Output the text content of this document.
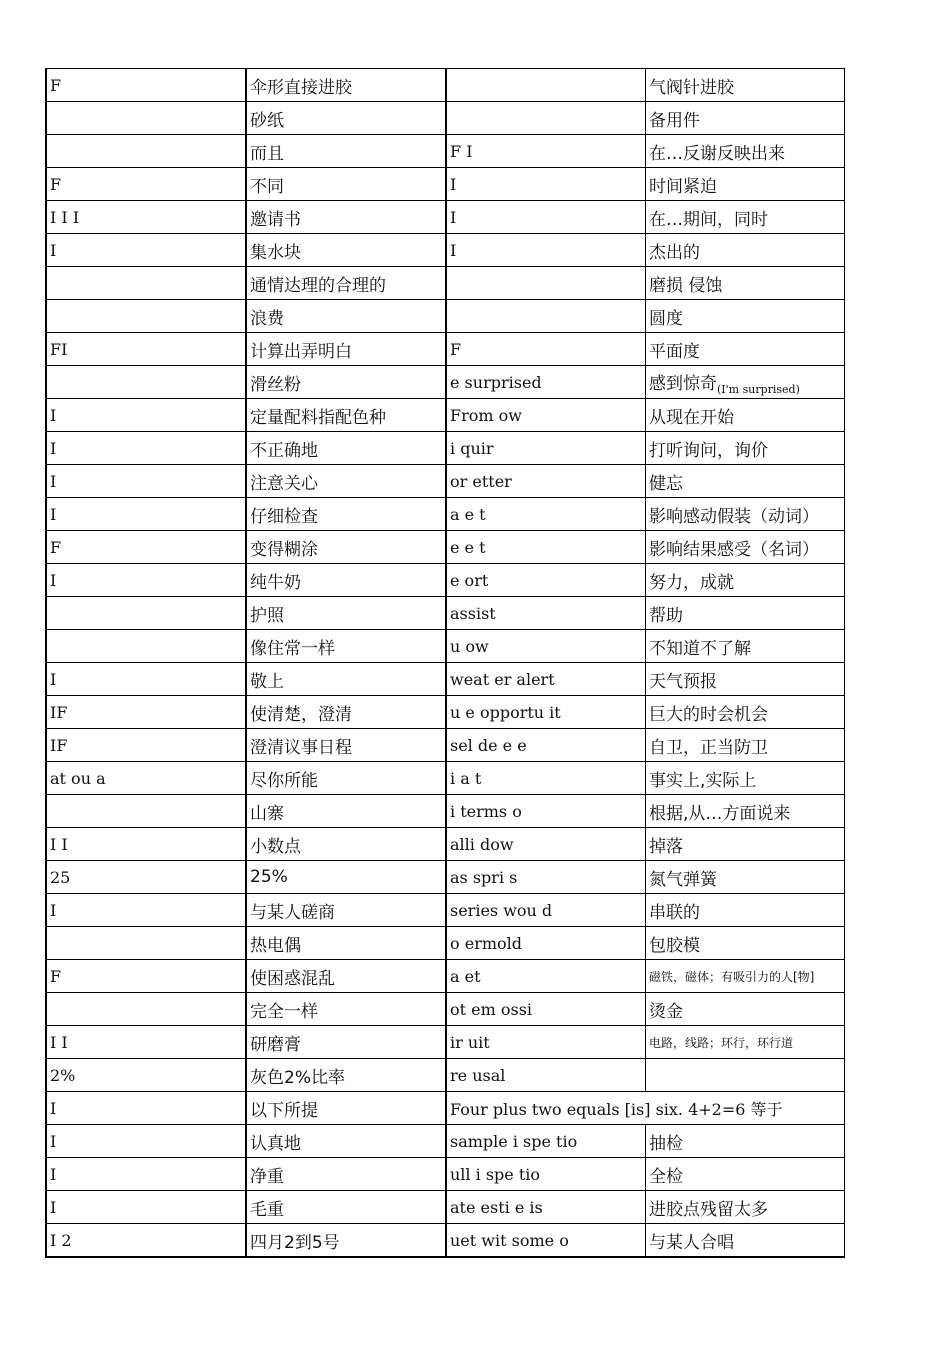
F	伞形直接进胶		气阀针进胶
	砂纸		备用件
	而且	F I	在…反谢反映出来
F	不同	I	时间紧迫
I I I	邀请书	I	在…期间，同时
I	集水块	I	杰出的
	通情达理的合理的		磨损 侵蚀
	浪费		圆度
FI	计算出弄明白	F	平面度
	滑丝粉	e surprised	感到惊奇$_{(I'm surprised)}$
I	定量配料指配色种	From ow	从现在开始
I	不正确地	i quir	打听询问，询价
I	注意关心	or etter	健忘
I	仔细检查	a e t	影响感动假装（动词）
F	变得糊涂	e e t	影响结果感受（名词）
I	纯牛奶	e ort	努力，成就
	护照	assist	帮助
	像住常一样	u ow	不知道不了解
I	敬上	weat er alert	天气预报
IF	使清楚，澄清	u e opportu it	巨大的时会机会
IF	澄清议事日程	sel de e e	自卫，正当防卫
at ou a	尽你所能	i a t	事实上,实际上
	山寨	i terms o	根据,从…方面说来
I I	小数点	alli dow	掉落
25	25%	as spri s	氮气弹簧
I	与某人磋商	series wou d	串联的
	热电偶	o ermold	包胶模
F	使困惑混乱	a et	磁铁，磁体；有吸引力的人[物]
	完全一样	ot em ossi	烫金
I I	研磨膏	ir uit	电路，线路；环行，环行道
2%	灰色2%比率	re usal	
I	以下所提	Four plus two equals [is] six. 4+2=6 等于	
I	认真地	sample i spe tio	抽检
I	净重	ull i spe tio	全检
I	毛重	ate esti e is	进胶点残留太多
I 2	四月2到5号	uet wit some o	与某人合唱
